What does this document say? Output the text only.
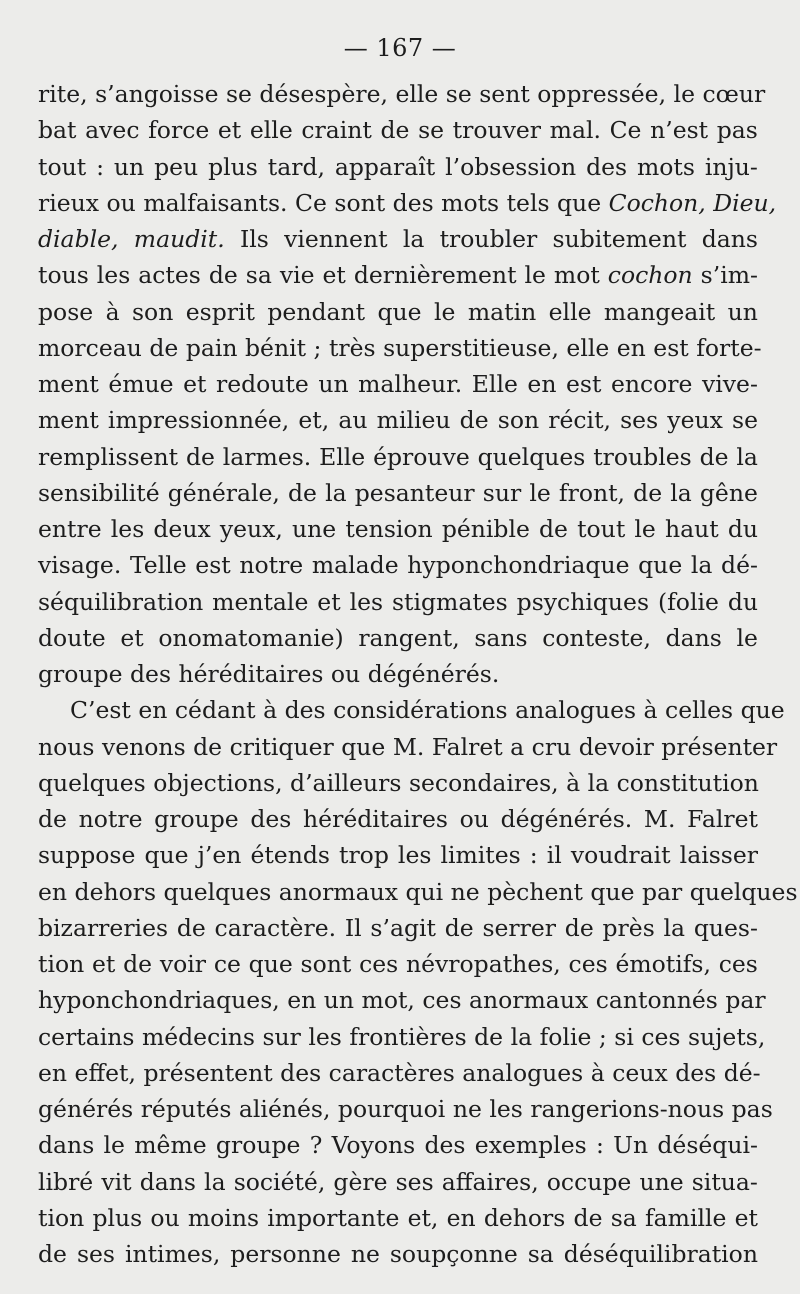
— 167 —
rite, s’angoisse se désespère, elle se sent oppressée, le cœur
bat avec force et elle craint de se trouver mal. Ce n’est pas
tout : un peu plus tard, apparaît l’obsession des mots inju-
rieux ou malfaisants. Ce sont des mots tels que Cochon, Dieu,
diable, maudit. Ils viennent la troubler subitement dans
tous les actes de sa vie et dernièrement le mot cochon s’im-
pose à son esprit pendant que le matin elle mangeait un
morceau de pain bénit ; très superstitieuse, elle en est forte-
ment émue et redoute un malheur. Elle en est encore vive-
ment impressionnée, et, au milieu de son récit, ses yeux se
remplissent de larmes. Elle éprouve quelques troubles de la
sensibilité générale, de la pesanteur sur le front, de la gêne
entre les deux yeux, une tension pénible de tout le haut du
visage. Telle est notre malade hyponchondriaque que la dé-
séquilibration mentale et les stigmates psychiques (folie du
doute et onomatomanie) rangent, sans conteste, dans le
groupe des héréditaires ou dégénérés.
C’est en cédant à des considérations analogues à celles que
nous venons de critiquer que M. Falret a cru devoir présenter
quelques objections, d’ailleurs secondaires, à la constitution
de notre groupe des héréditaires ou dégénérés. M. Falret
suppose que j’en étends trop les limites : il voudrait laisser
en dehors quelques anormaux qui ne pèchent que par quelques
bizarreries de caractère. Il s’agit de serrer de près la ques-
tion et de voir ce que sont ces névropathes, ces émotifs, ces
hyponchondriaques, en un mot, ces anormaux cantonnés par
certains médecins sur les frontières de la folie ; si ces sujets,
en effet, présentent des caractères analogues à ceux des dé-
générés réputés aliénés, pourquoi ne les rangerions-nous pas
dans le même groupe ? Voyons des exemples : Un déséqui-
libré vit dans la société, gère ses affaires, occupe une situa-
tion plus ou moins importante et, en dehors de sa famille et
de ses intimes, personne ne soupçonne sa déséquilibration
